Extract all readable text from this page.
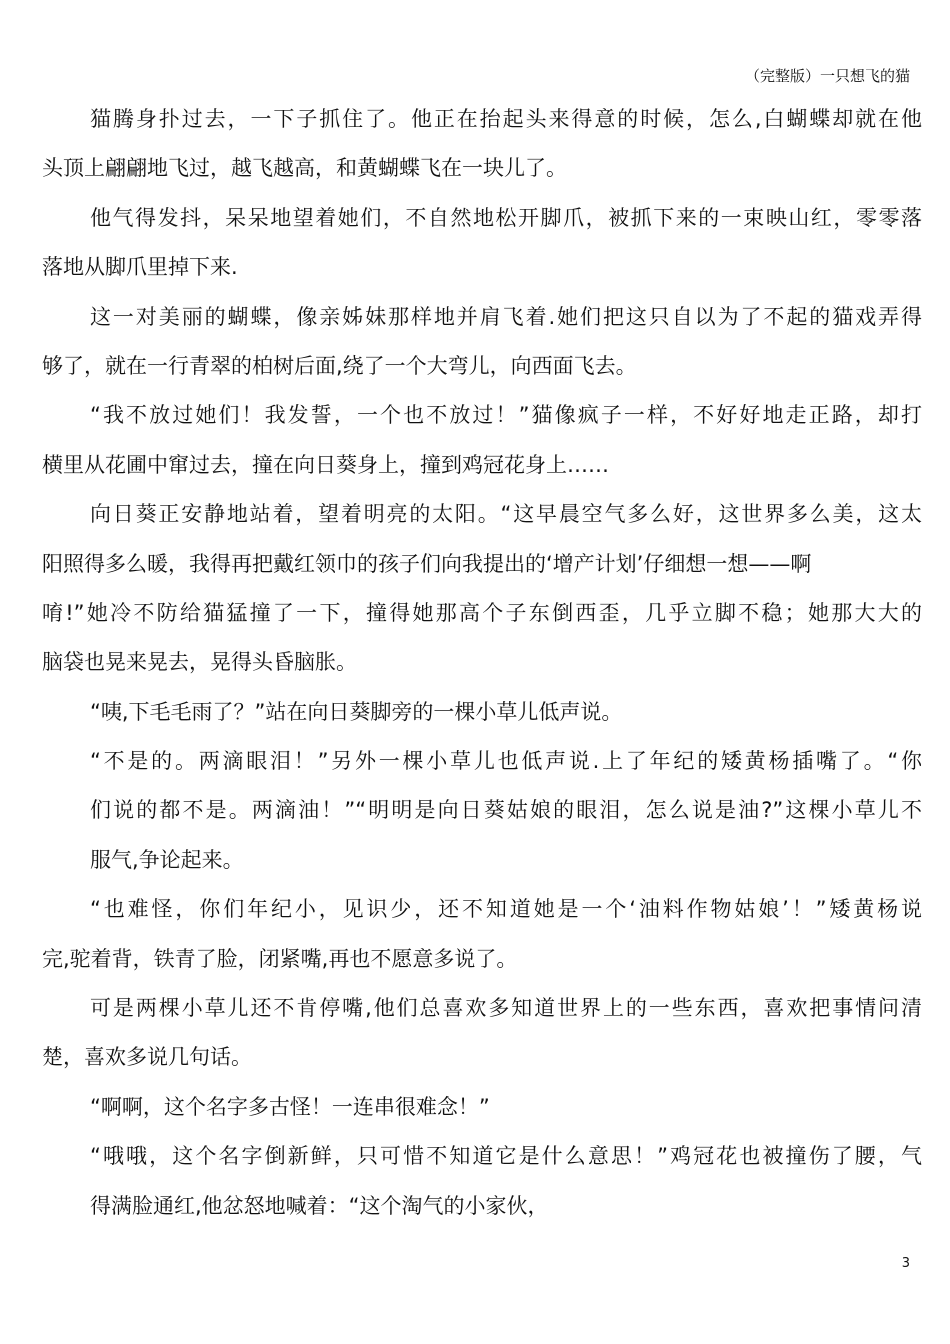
（完整版）一只想飞的猫
猫腾身扑过去，一下子抓住了。他正在抬起头来得意的时候，怎么,白蝴蝶却就在他
头顶上翩翩地飞过，越飞越高，和黄蝴蝶飞在一块儿了。
他气得发抖，呆呆地望着她们，不自然地松开脚爪，被抓下来的一束映山红，零零落
落地从脚爪里掉下来.
这一对美丽的蝴蝶，像亲姊妹那样地并肩飞着.她们把这只自以为了不起的猫戏弄得
够了，就在一行青翠的柏树后面,绕了一个大弯儿，向西面飞去。
“我不放过她们！我发誓，一个也不放过！”猫像疯子一样，不好好地走正路，却打
横里从花圃中窜过去，撞在向日葵身上，撞到鸡冠花身上……
向日葵正安静地站着，望着明亮的太阳。“这早晨空气多么好，这世界多么美，这太
阳照得多么暖，我得再把戴红领巾的孩子们向我提出的‘增产计划’仔细想一想——啊
唷!”她冷不防给猫猛撞了一下，撞得她那高个子东倒西歪，几乎立脚不稳；她那大大的
脑袋也晃来晃去，晃得头昏脑胀。
“咦,下毛毛雨了？”站在向日葵脚旁的一棵小草儿低声说。
“不是的。两滴眼泪！”另外一棵小草儿也低声说.上了年纪的矮黄杨插嘴了。“你
们说的都不是。两滴油！”“明明是向日葵姑娘的眼泪，怎么说是油?”这棵小草儿不
服气,争论起来。
“也难怪，你们年纪小，见识少，还不知道她是一个‘油料作物姑娘’！”矮黄杨说
完,驼着背，铁青了脸，闭紧嘴,再也不愿意多说了。
可是两棵小草儿还不肯停嘴,他们总喜欢多知道世界上的一些东西，喜欢把事情问清
楚，喜欢多说几句话。
“啊啊，这个名字多古怪！一连串很难念！”
“哦哦，这个名字倒新鲜，只可惜不知道它是什么意思！”鸡冠花也被撞伤了腰，气
得满脸通红,他忿怒地喊着：“这个淘气的小家伙，
3
